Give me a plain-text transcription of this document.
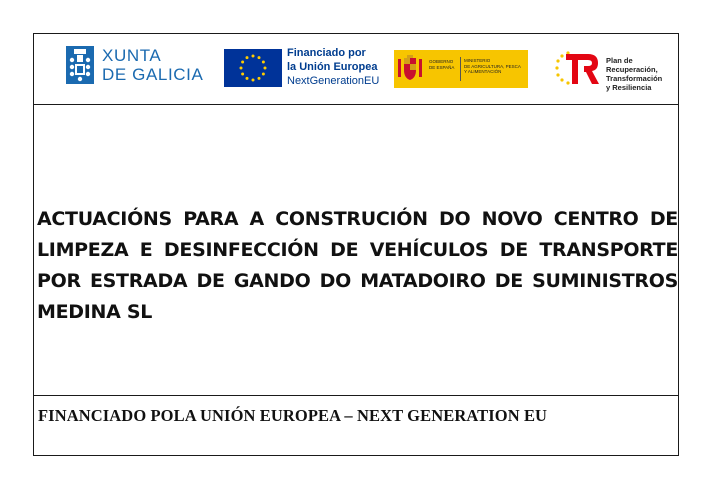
XUNTA
DE GALICIA
Financiado por
la Unión Europea
NextGenerationEU
GOBIERNO
DE ESPAÑA
MINISTERIO
DE AGRICULTURA, PESCA
Y ALIMENTACIÓN
Plan de
Recuperación,
Transformación
y Resiliencia

ACTUACIÓNS PARA A CONSTRUCIÓN DO NOVO CENTRO DE LIMPEZA E DESINFECCIÓN DE VEHÍCULOS DE TRANSPORTE POR ESTRADA DE GANDO DO MATADOIRO DE SUMINISTROS MEDINA SL

FINANCIADO POLA UNIÓN EUROPEA – NEXT GENERATION EU
